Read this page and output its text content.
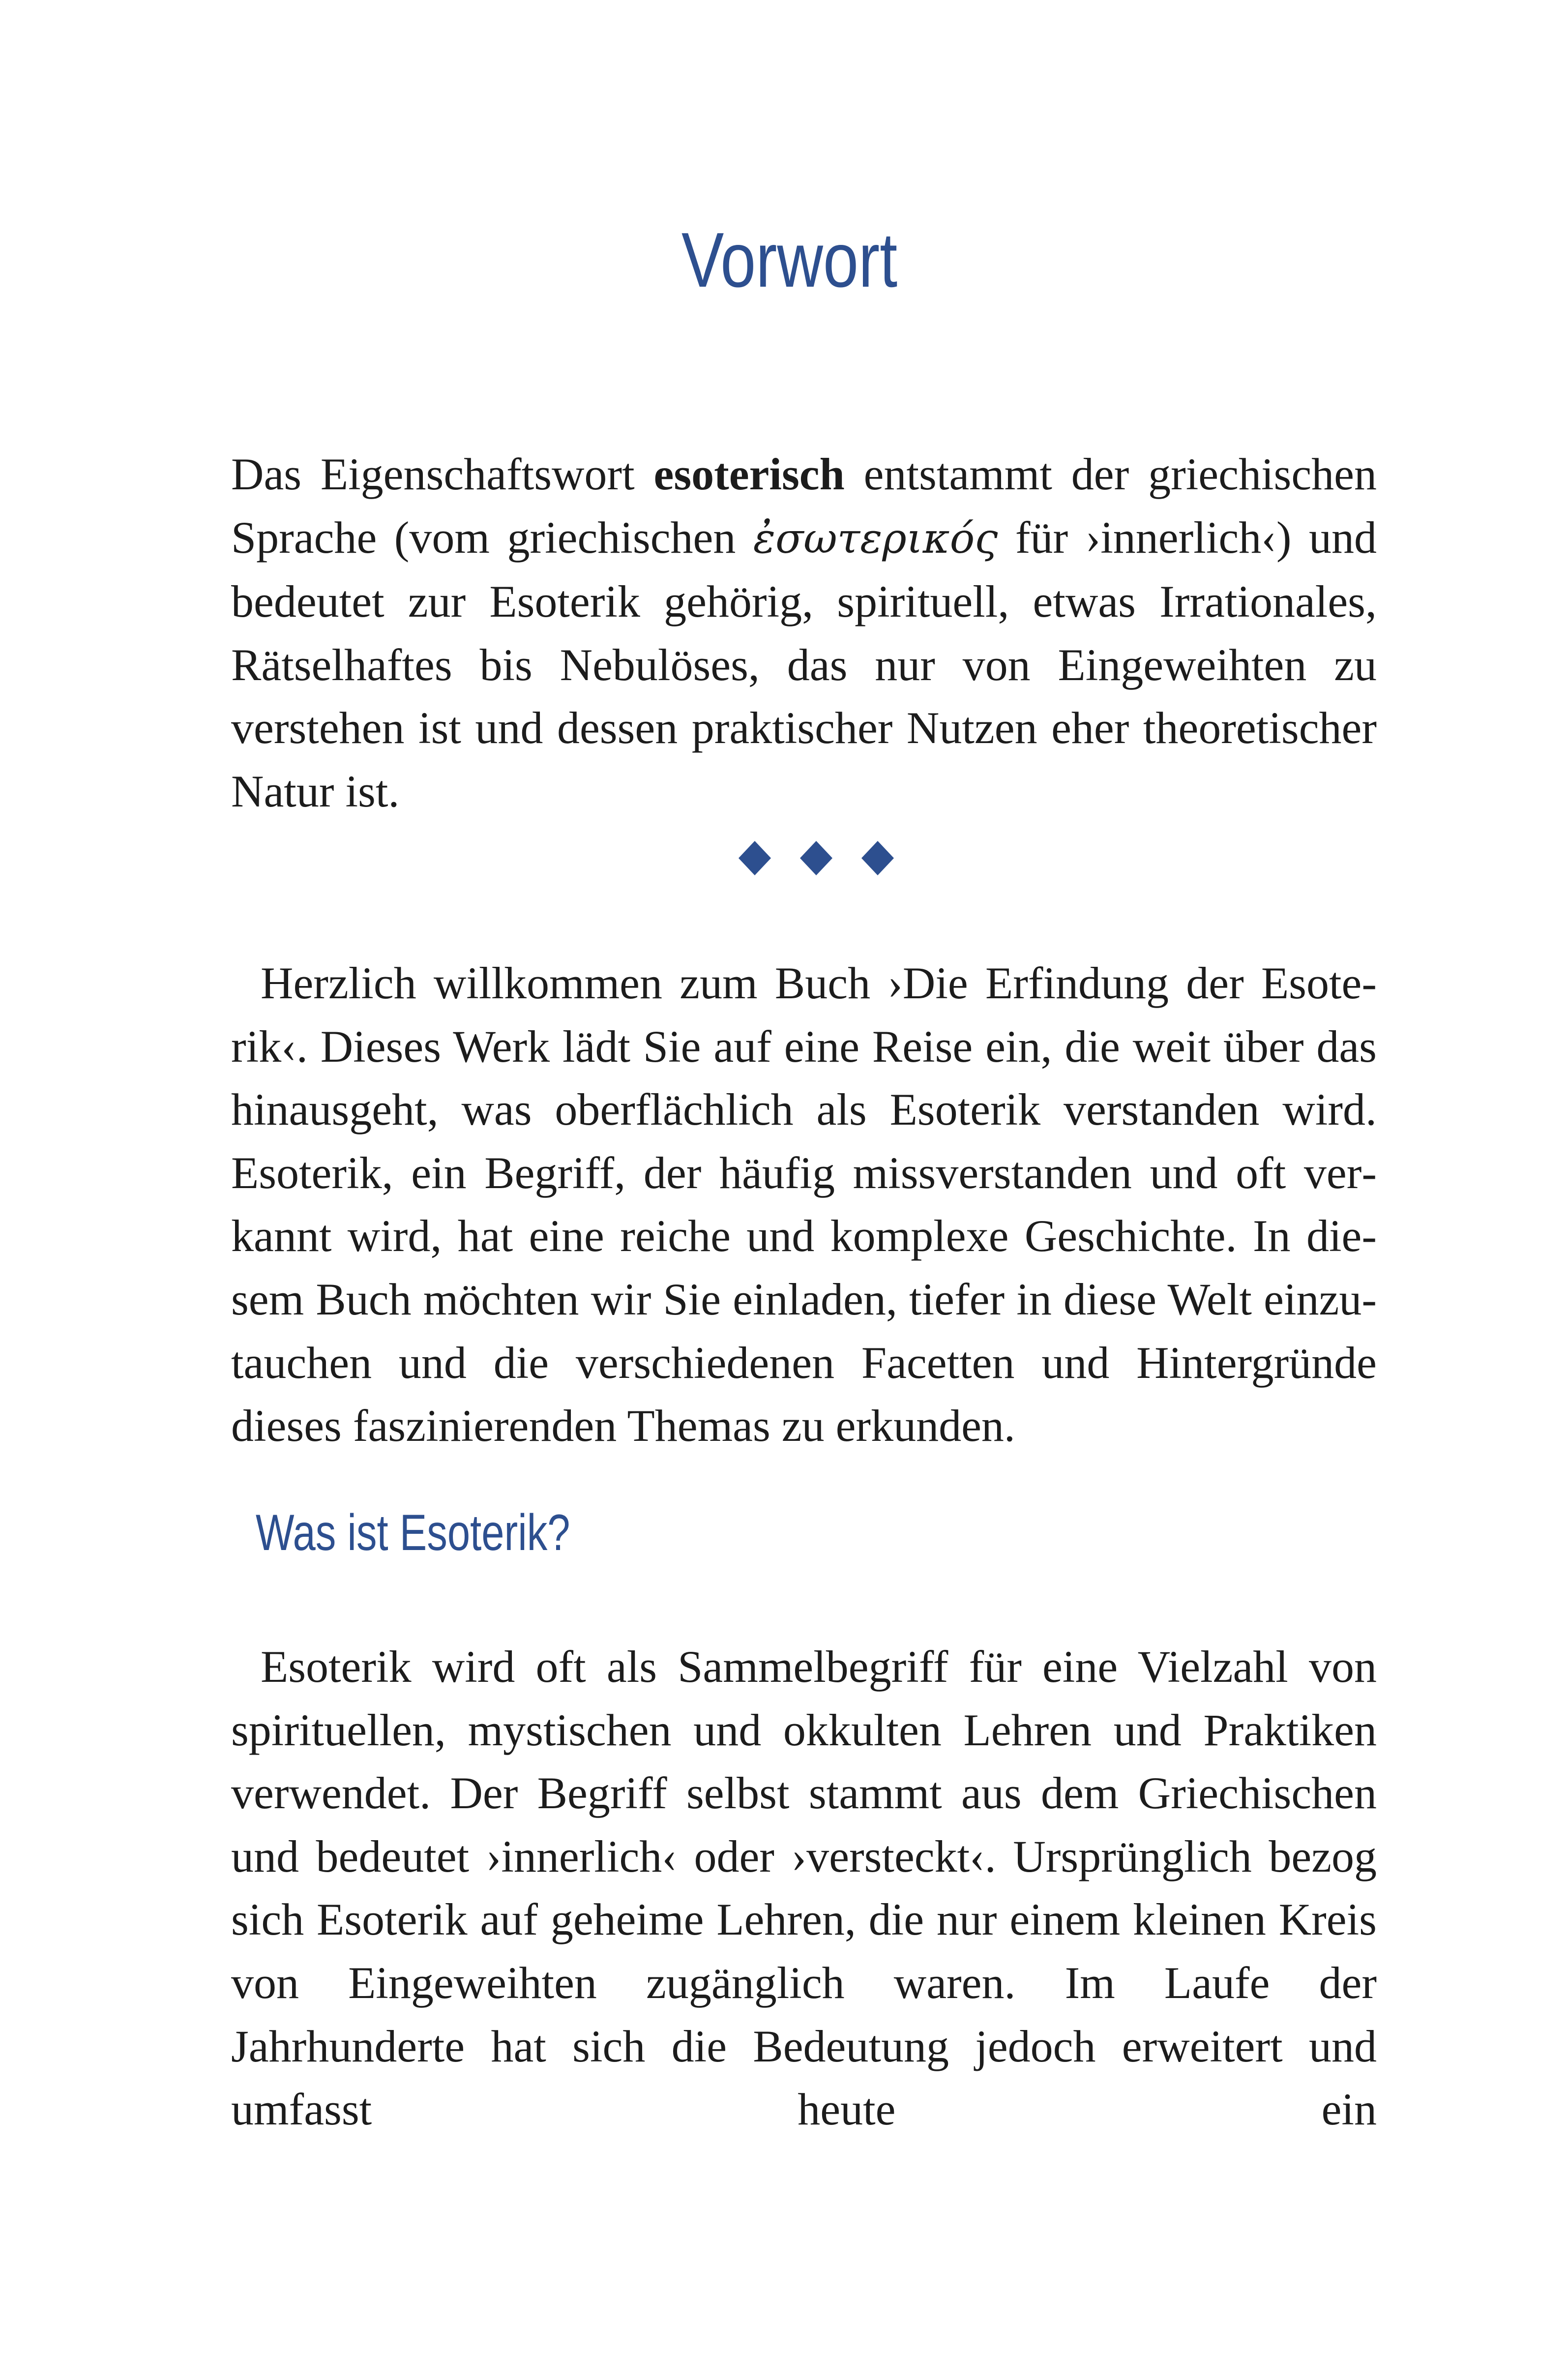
Vorwort

Das Eigenschaftswort esoterisch entstammt der griechischen Sprache (vom griechischen ἐσωτερικός für ›innerlich‹) und bedeutet zur Esoterik gehörig, spirituell, etwas Irrationales, Rätselhaftes bis Nebulöses, das nur von Eingeweihten zu verstehen ist und dessen praktischer Nutzen eher theoretischer Natur ist.

Herzlich willkommen zum Buch ›Die Erfindung der Esoterik‹. Dieses Werk lädt Sie auf eine Reise ein, die weit über das hinausgeht, was oberflächlich als Esoterik verstanden wird. Esoterik, ein Begriff, der häufig missverstanden und oft verkannt wird, hat eine reiche und komplexe Geschichte. In diesem Buch möchten wir Sie einladen, tiefer in diese Welt einzutauchen und die verschiedenen Facetten und Hintergründe dieses faszinierenden Themas zu erkunden.

Was ist Esoterik?

Esoterik wird oft als Sammelbegriff für eine Vielzahl von spirituellen, mystischen und okkulten Lehren und Praktiken verwendet. Der Begriff selbst stammt aus dem Griechischen und bedeutet ›innerlich‹ oder ›versteckt‹. Ursprünglich bezog sich Esoterik auf geheime Lehren, die nur einem kleinen Kreis von Eingeweihten zugänglich waren. Im Laufe der Jahrhunderte hat sich die Bedeutung jedoch erweitert und umfasst heute ein
